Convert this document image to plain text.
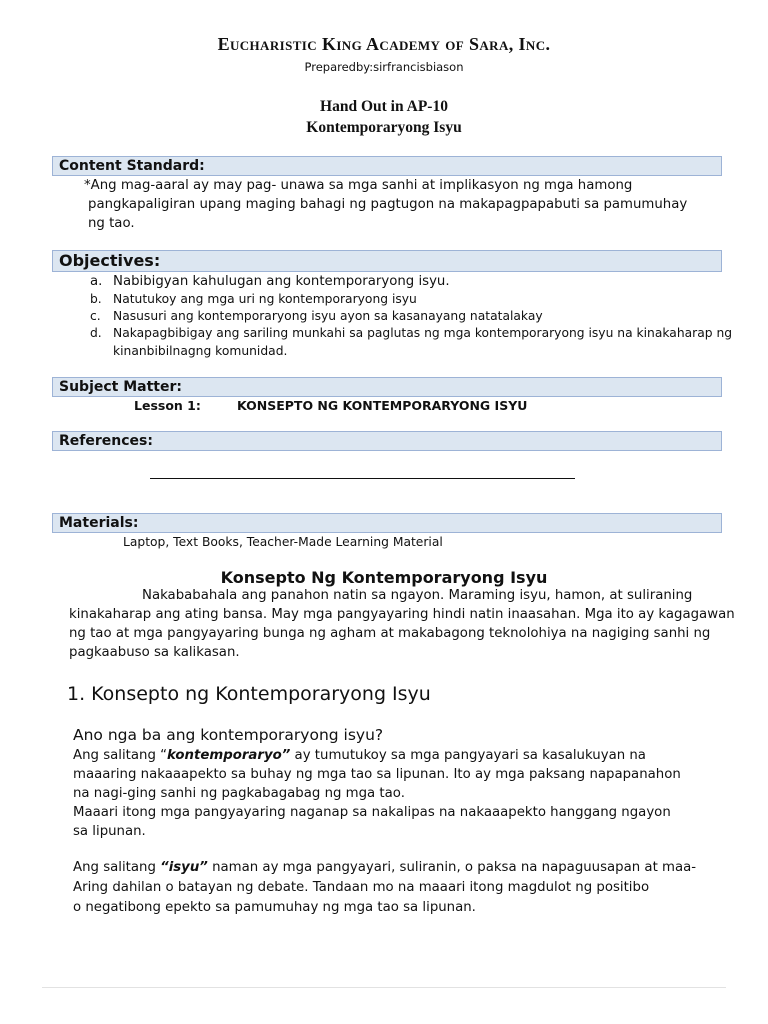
Eucharistic King Academy of Sara, Inc.
Preparedby:sirfrancisbiason
Hand Out in AP-10
Kontemporaryong Isyu
Content Standard:
*Ang mag-aaral ay may pag- unawa sa mga sanhi at implikasyon ng mga hamong
pangkapaligiran upang maging bahagi ng pagtugon na makapagpapabuti sa pamumuhay
ng tao.
Objectives:
a. Nabibigyan kahulugan ang kontemporaryong isyu.
b. Natutukoy ang mga uri ng kontemporaryong isyu
c. Nasusuri ang kontemporaryong isyu ayon sa kasanayang natatalakay
d. Nakapagbibigay ang sariling munkahi sa paglutas ng mga kontemporaryong isyu na kinakaharap ng
kinanbibilnagng komunidad.
Subject Matter:
Lesson 1:	KONSEPTO NG KONTEMPORARYONG ISYU
References:
Materials:
Laptop, Text Books, Teacher-Made Learning Material
Konsepto Ng Kontemporaryong Isyu
Nakababahala ang panahon natin sa ngayon. Maraming isyu, hamon, at suliraning
kinakaharap ang ating bansa. May mga pangyayaring hindi natin inaasahan. Mga ito ay kagagawan
ng tao at mga pangyayaring bunga ng agham at makabagong teknolohiya na nagiging sanhi ng
pagkaabuso sa kalikasan.
1. Konsepto ng Kontemporaryong Isyu
Ano nga ba ang kontemporaryong isyu?
Ang salitang “kontemporaryo” ay tumutukoy sa mga pangyayari sa kasalukuyan na
maaaring nakaaapekto sa buhay ng mga tao sa lipunan. Ito ay mga paksang napapanahon
na nagi-ging sanhi ng pagkabagabag ng mga tao.
Maaari itong mga pangyayaring naganap sa nakalipas na nakaaapekto hanggang ngayon
sa lipunan.
Ang salitang “isyu” naman ay mga pangyayari, suliranin, o paksa na napaguusapan at maa-
Aring dahilan o batayan ng debate. Tandaan mo na maaari itong magdulot ng positibo
o negatibong epekto sa pamumuhay ng mga tao sa lipunan.
